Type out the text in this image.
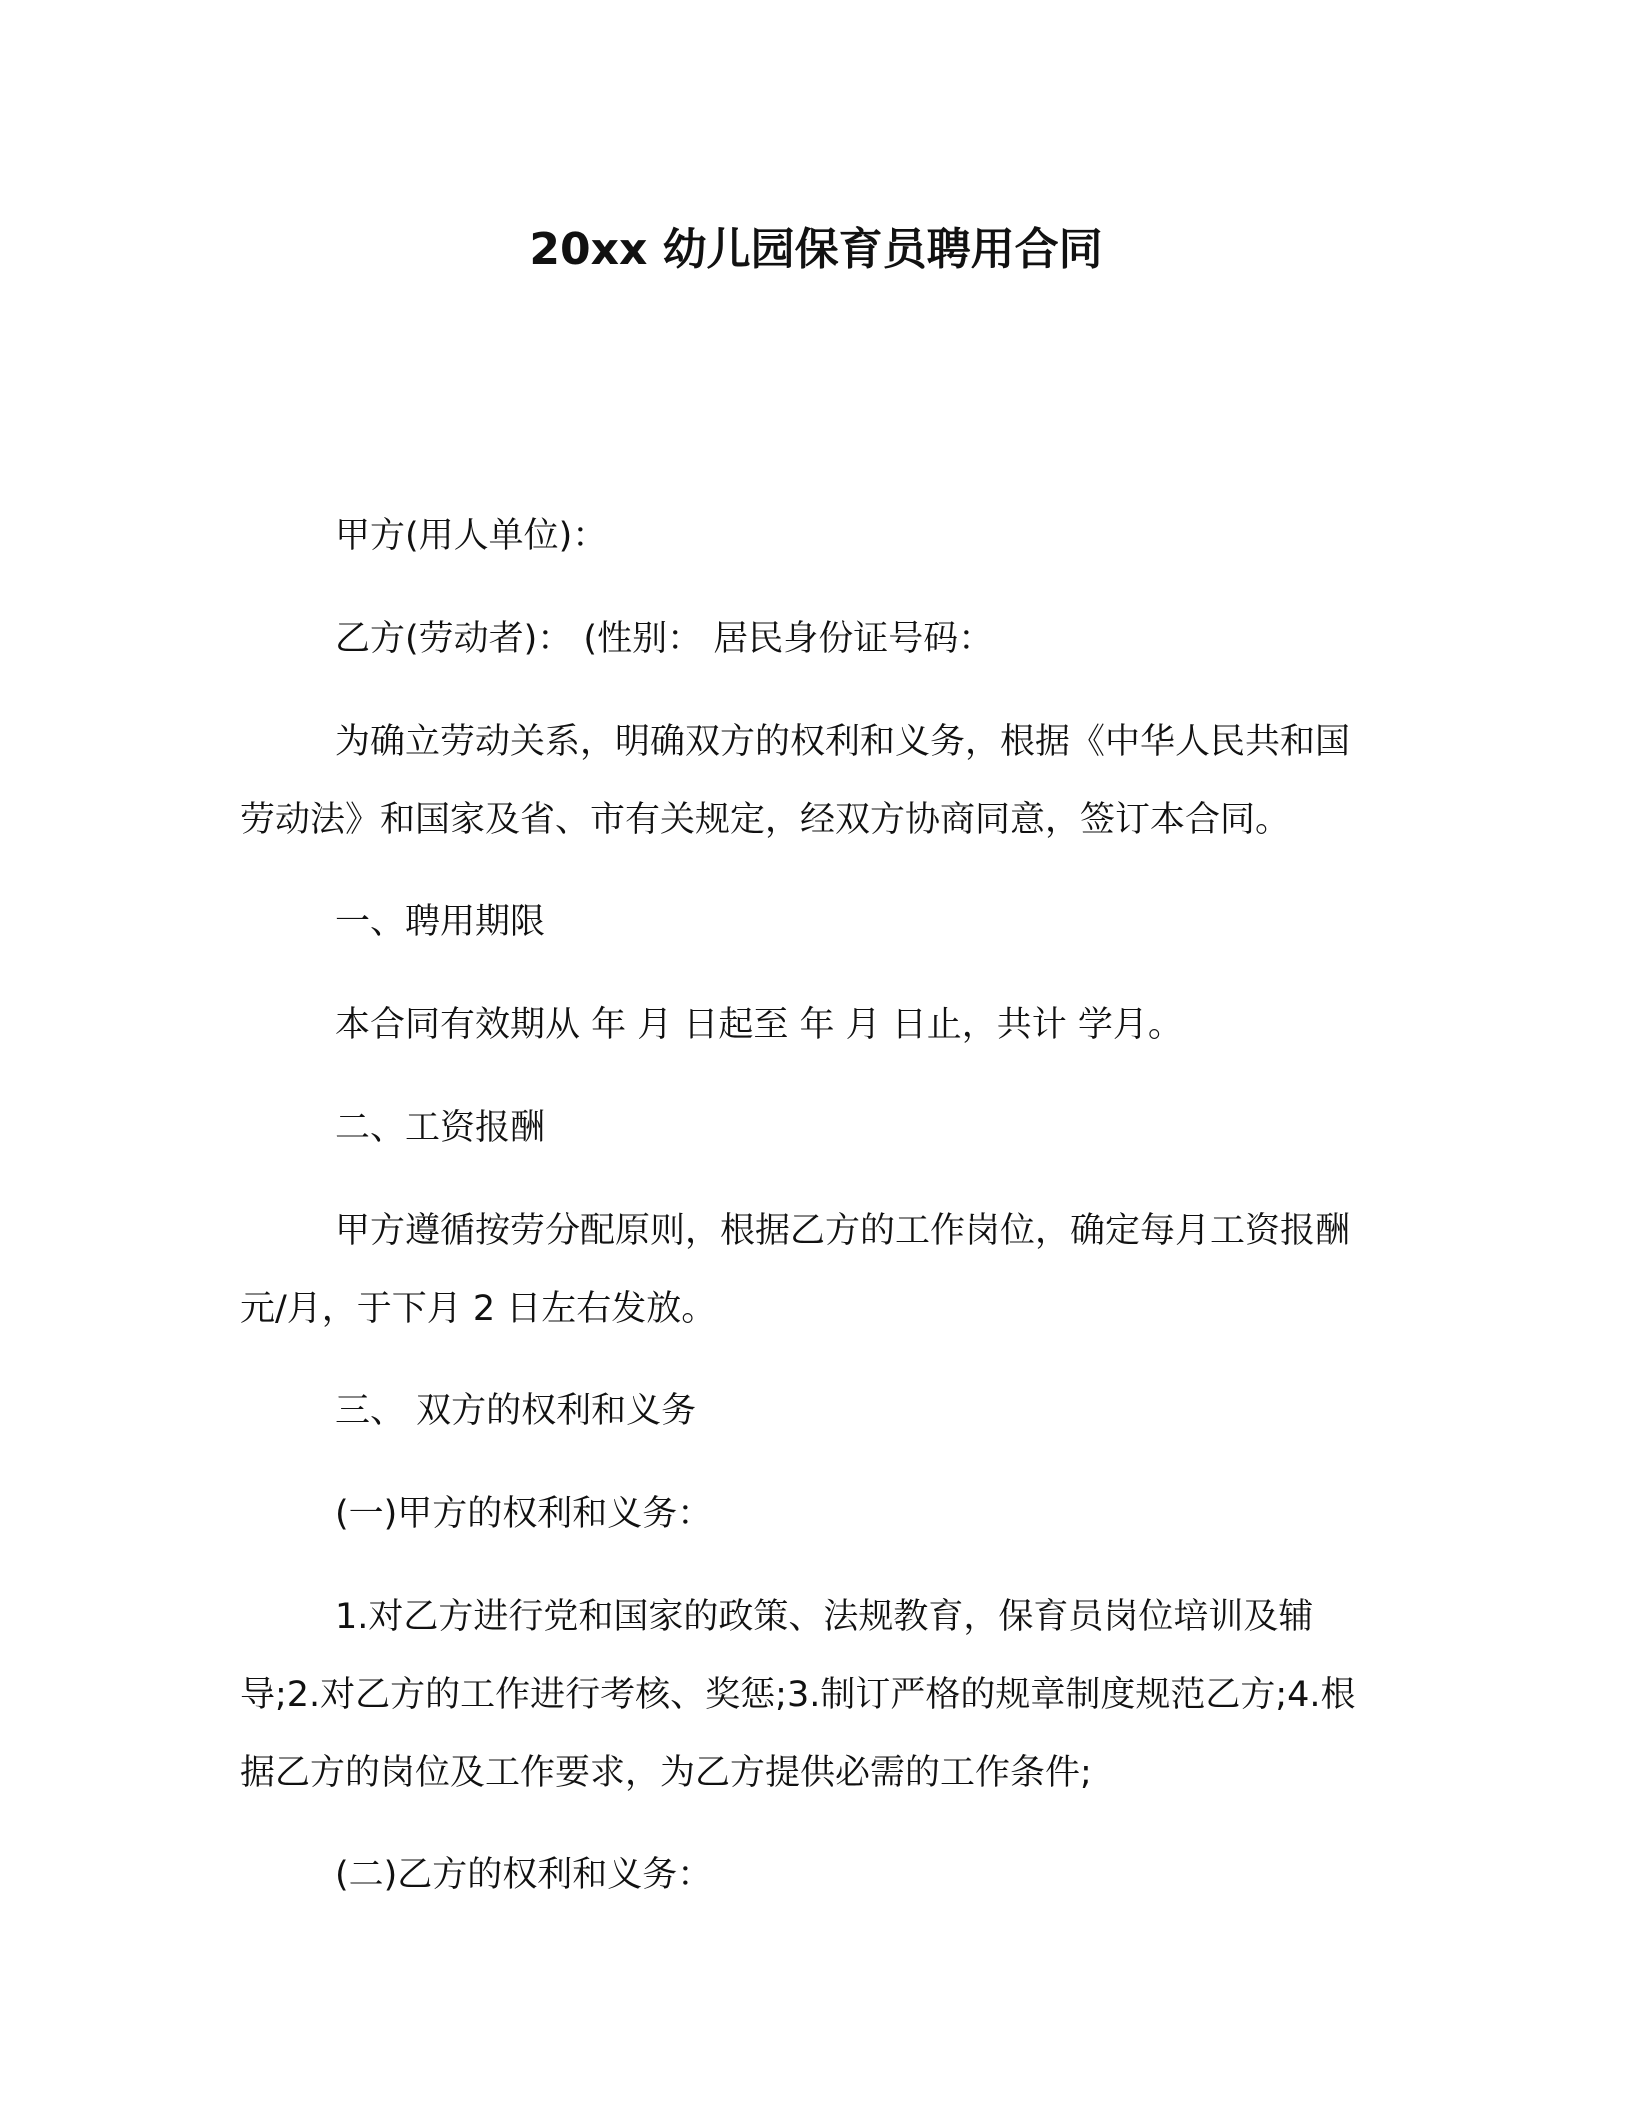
20xx 幼儿园保育员聘用合同
甲方(用人单位)：
乙方(劳动者)： (性别： 居民身份证号码：
为确立劳动关系，明确双方的权利和义务，根据《中华人民共和国劳动法》和国家及省、市有关规定，经双方协商同意，签订本合同。
一、聘用期限
本合同有效期从 年 月 日起至 年 月 日止，共计 学月。
二、工资报酬
甲方遵循按劳分配原则，根据乙方的工作岗位，确定每月工资报酬 元/月，于下月 2 日左右发放。
三、 双方的权利和义务
(一)甲方的权利和义务：
1.对乙方进行党和国家的政策、法规教育，保育员岗位培训及辅导;2.对乙方的工作进行考核、奖惩;3.制订严格的规章制度规范乙方;4.根据乙方的岗位及工作要求，为乙方提供必需的工作条件;
(二)乙方的权利和义务：
